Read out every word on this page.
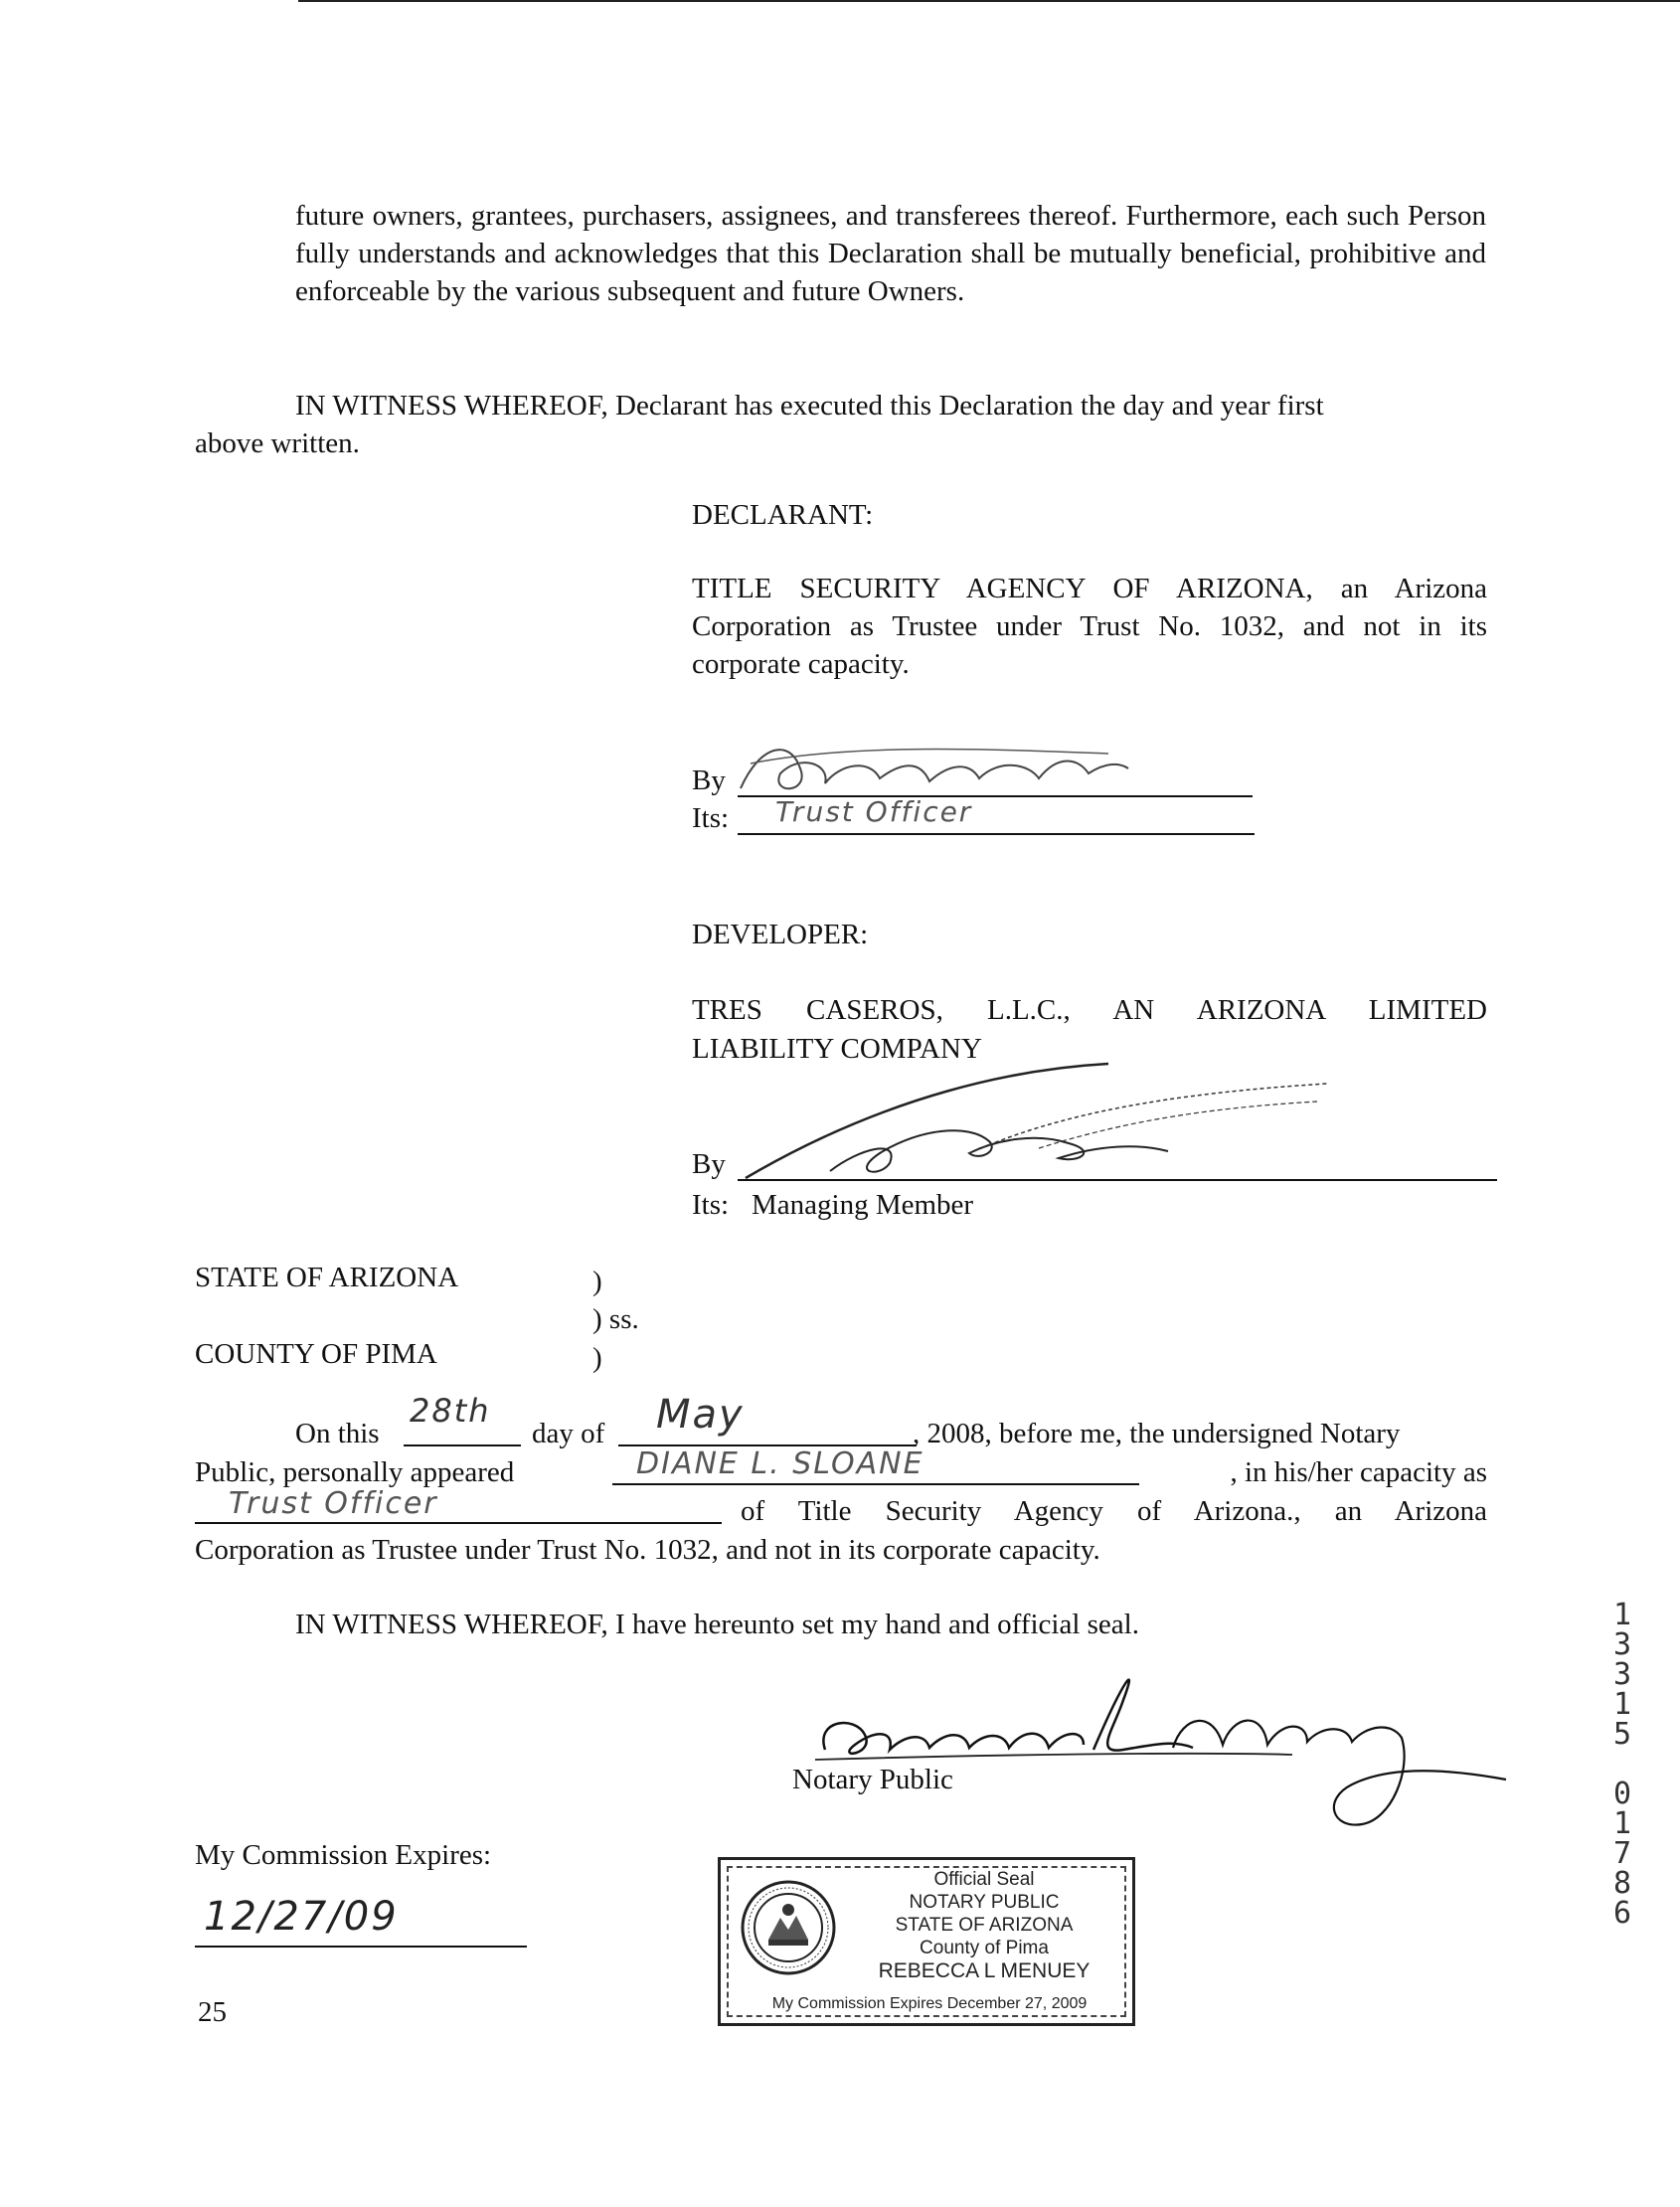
future owners, grantees, purchasers, assignees, and transferees thereof. Furthermore, each such Person fully understands and acknowledges that this Declaration shall be mutually beneficial, prohibitive and enforceable by the various subsequent and future Owners.
IN WITNESS WHEREOF, Declarant has executed this Declaration the day and year first
above written.
DECLARANT:
TITLE SECURITY AGENCY OF ARIZONA, an Arizona Corporation as Trustee under Trust No. 1032, and not in its corporate capacity.
By
Its: Trust Officer
DEVELOPER:
TRES CASEROS, L.L.C., AN ARIZONA LIMITED
LIABILITY COMPANY
By
Its: Managing Member
STATE OF ARIZONA	)
) ss.
COUNTY OF PIMA	)
On this
28th
day of May	, 2008, before me, the undersigned Notary
Public, personally appeared	DIANE L. SLOANE	, in his/her capacity as
Trust Officer	of Title Security Agency of Arizona., an Arizona
Corporation as Trustee under Trust No. 1032, and not in its corporate capacity.
IN WITNESS WHEREOF, I have hereunto set my hand and official seal.
Notary Public
My Commission Expires:
12/27/09
25
Official Seal
NOTARY PUBLIC
STATE OF ARIZONA
County of Pima
REBECCA L MENUEY
My Commission Expires December 27, 2009
1
3
3
1
5

0
1
7
8
6
